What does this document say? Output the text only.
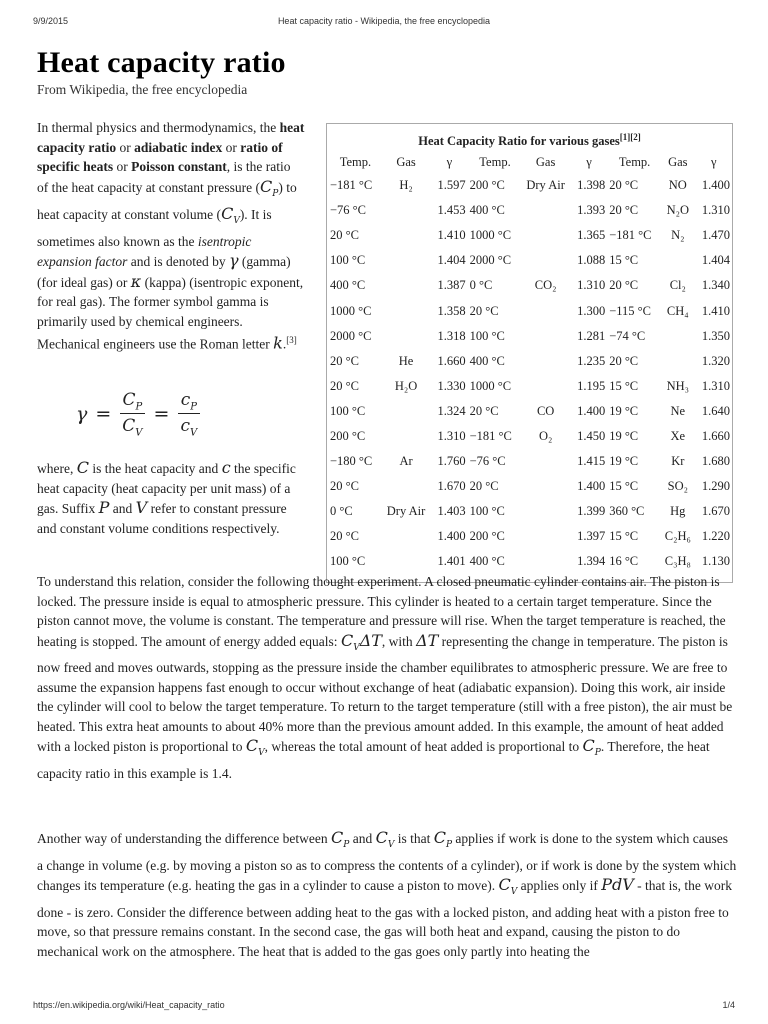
9/9/2015	Heat capacity ratio - Wikipedia, the free encyclopedia
Heat capacity ratio
From Wikipedia, the free encyclopedia

In thermal physics and thermodynamics, the heat capacity ratio or adiabatic index or ratio of specific heats or Poisson constant, is the ratio of the heat capacity at constant pressure $(C_P)$ to heat capacity at constant volume $(C_V)$. It is sometimes also known as the isentropic expansion factor and is denoted by γ (gamma)(for ideal gas) or κ (kappa) (isentropic exponent, for real gas). The former symbol gamma is primarily used by chemical engineers. Mechanical engineers use the Roman letter k.[3]

$\gamma = \frac{C_P}{C_V} = \frac{c_P}{c_V}$

where, C is the heat capacity and c the specific heat capacity (heat capacity per unit mass) of a gas. Suffix P and V refer to constant pressure and constant volume conditions respectively.

Heat Capacity Ratio for various gases[1][2]
Temp.	Gas	γ	Temp.	Gas	γ	Temp.	Gas	γ
−181 °C	H₂	1.597	200 °C	Dry Air	1.398	20 °C	NO	1.400
−76 °C		1.453	400 °C		1.393	20 °C	N₂O	1.310
20 °C		1.410	1000 °C		1.365	−181 °C	N₂	1.470
100 °C		1.404	2000 °C		1.088	15 °C		1.404
400 °C		1.387	0 °C	CO₂	1.310	20 °C	Cl₂	1.340
1000 °C		1.358	20 °C		1.300	−115 °C	CH₄	1.410
2000 °C		1.318	100 °C		1.281	−74 °C		1.350
20 °C	He	1.660	400 °C		1.235	20 °C		1.320
20 °C	H₂O	1.330	1000 °C		1.195	15 °C	NH₃	1.310
100 °C		1.324	20 °C	CO	1.400	19 °C	Ne	1.640
200 °C		1.310	−181 °C	O₂	1.450	19 °C	Xe	1.660
−180 °C	Ar	1.760	−76 °C		1.415	19 °C	Kr	1.680
20 °C		1.670	20 °C		1.400	15 °C	SO₂	1.290
0 °C	Dry Air	1.403	100 °C		1.399	360 °C	Hg	1.670
20 °C		1.400	200 °C		1.397	15 °C	C₂H₆	1.220
100 °C		1.401	400 °C		1.394	16 °C	C₃H₈	1.130

To understand this relation, consider the following thought experiment. A closed pneumatic cylinder contains air. The piston is locked. The pressure inside is equal to atmospheric pressure. This cylinder is heated to a certain target temperature. Since the piston cannot move, the volume is constant. The temperature and pressure will rise. When the target temperature is reached, the heating is stopped. The amount of energy added equals: $C_V\Delta T$, with ΔT representing the change in temperature. The piston is now freed and moves outwards, stopping as the pressure inside the chamber equilibrates to atmospheric pressure. We are free to assume the expansion happens fast enough to occur without exchange of heat (adiabatic expansion). Doing this work, air inside the cylinder will cool to below the target temperature. To return to the target temperature (still with a free piston), the air must be heated. This extra heat amounts to about 40% more than the previous amount added. In this example, the amount of heat added with a locked piston is proportional to $C_V$, whereas the total amount of heat added is proportional to $C_P$. Therefore, the heat capacity ratio in this example is 1.4.

Another way of understanding the difference between $C_P$ and $C_V$ is that $C_P$ applies if work is done to the system which causes a change in volume (e.g. by moving a piston so as to compress the contents of a cylinder), or if work is done by the system which changes its temperature (e.g. heating the gas in a cylinder to cause a piston to move). $C_V$ applies only if PdV - that is, the work done - is zero. Consider the difference between adding heat to the gas with a locked piston, and adding heat with a piston free to move, so that pressure remains constant. In the second case, the gas will both heat and expand, causing the piston to do mechanical work on the atmosphere. The heat that is added to the gas goes only partly into heating the

https://en.wikipedia.org/wiki/Heat_capacity_ratio	1/4
